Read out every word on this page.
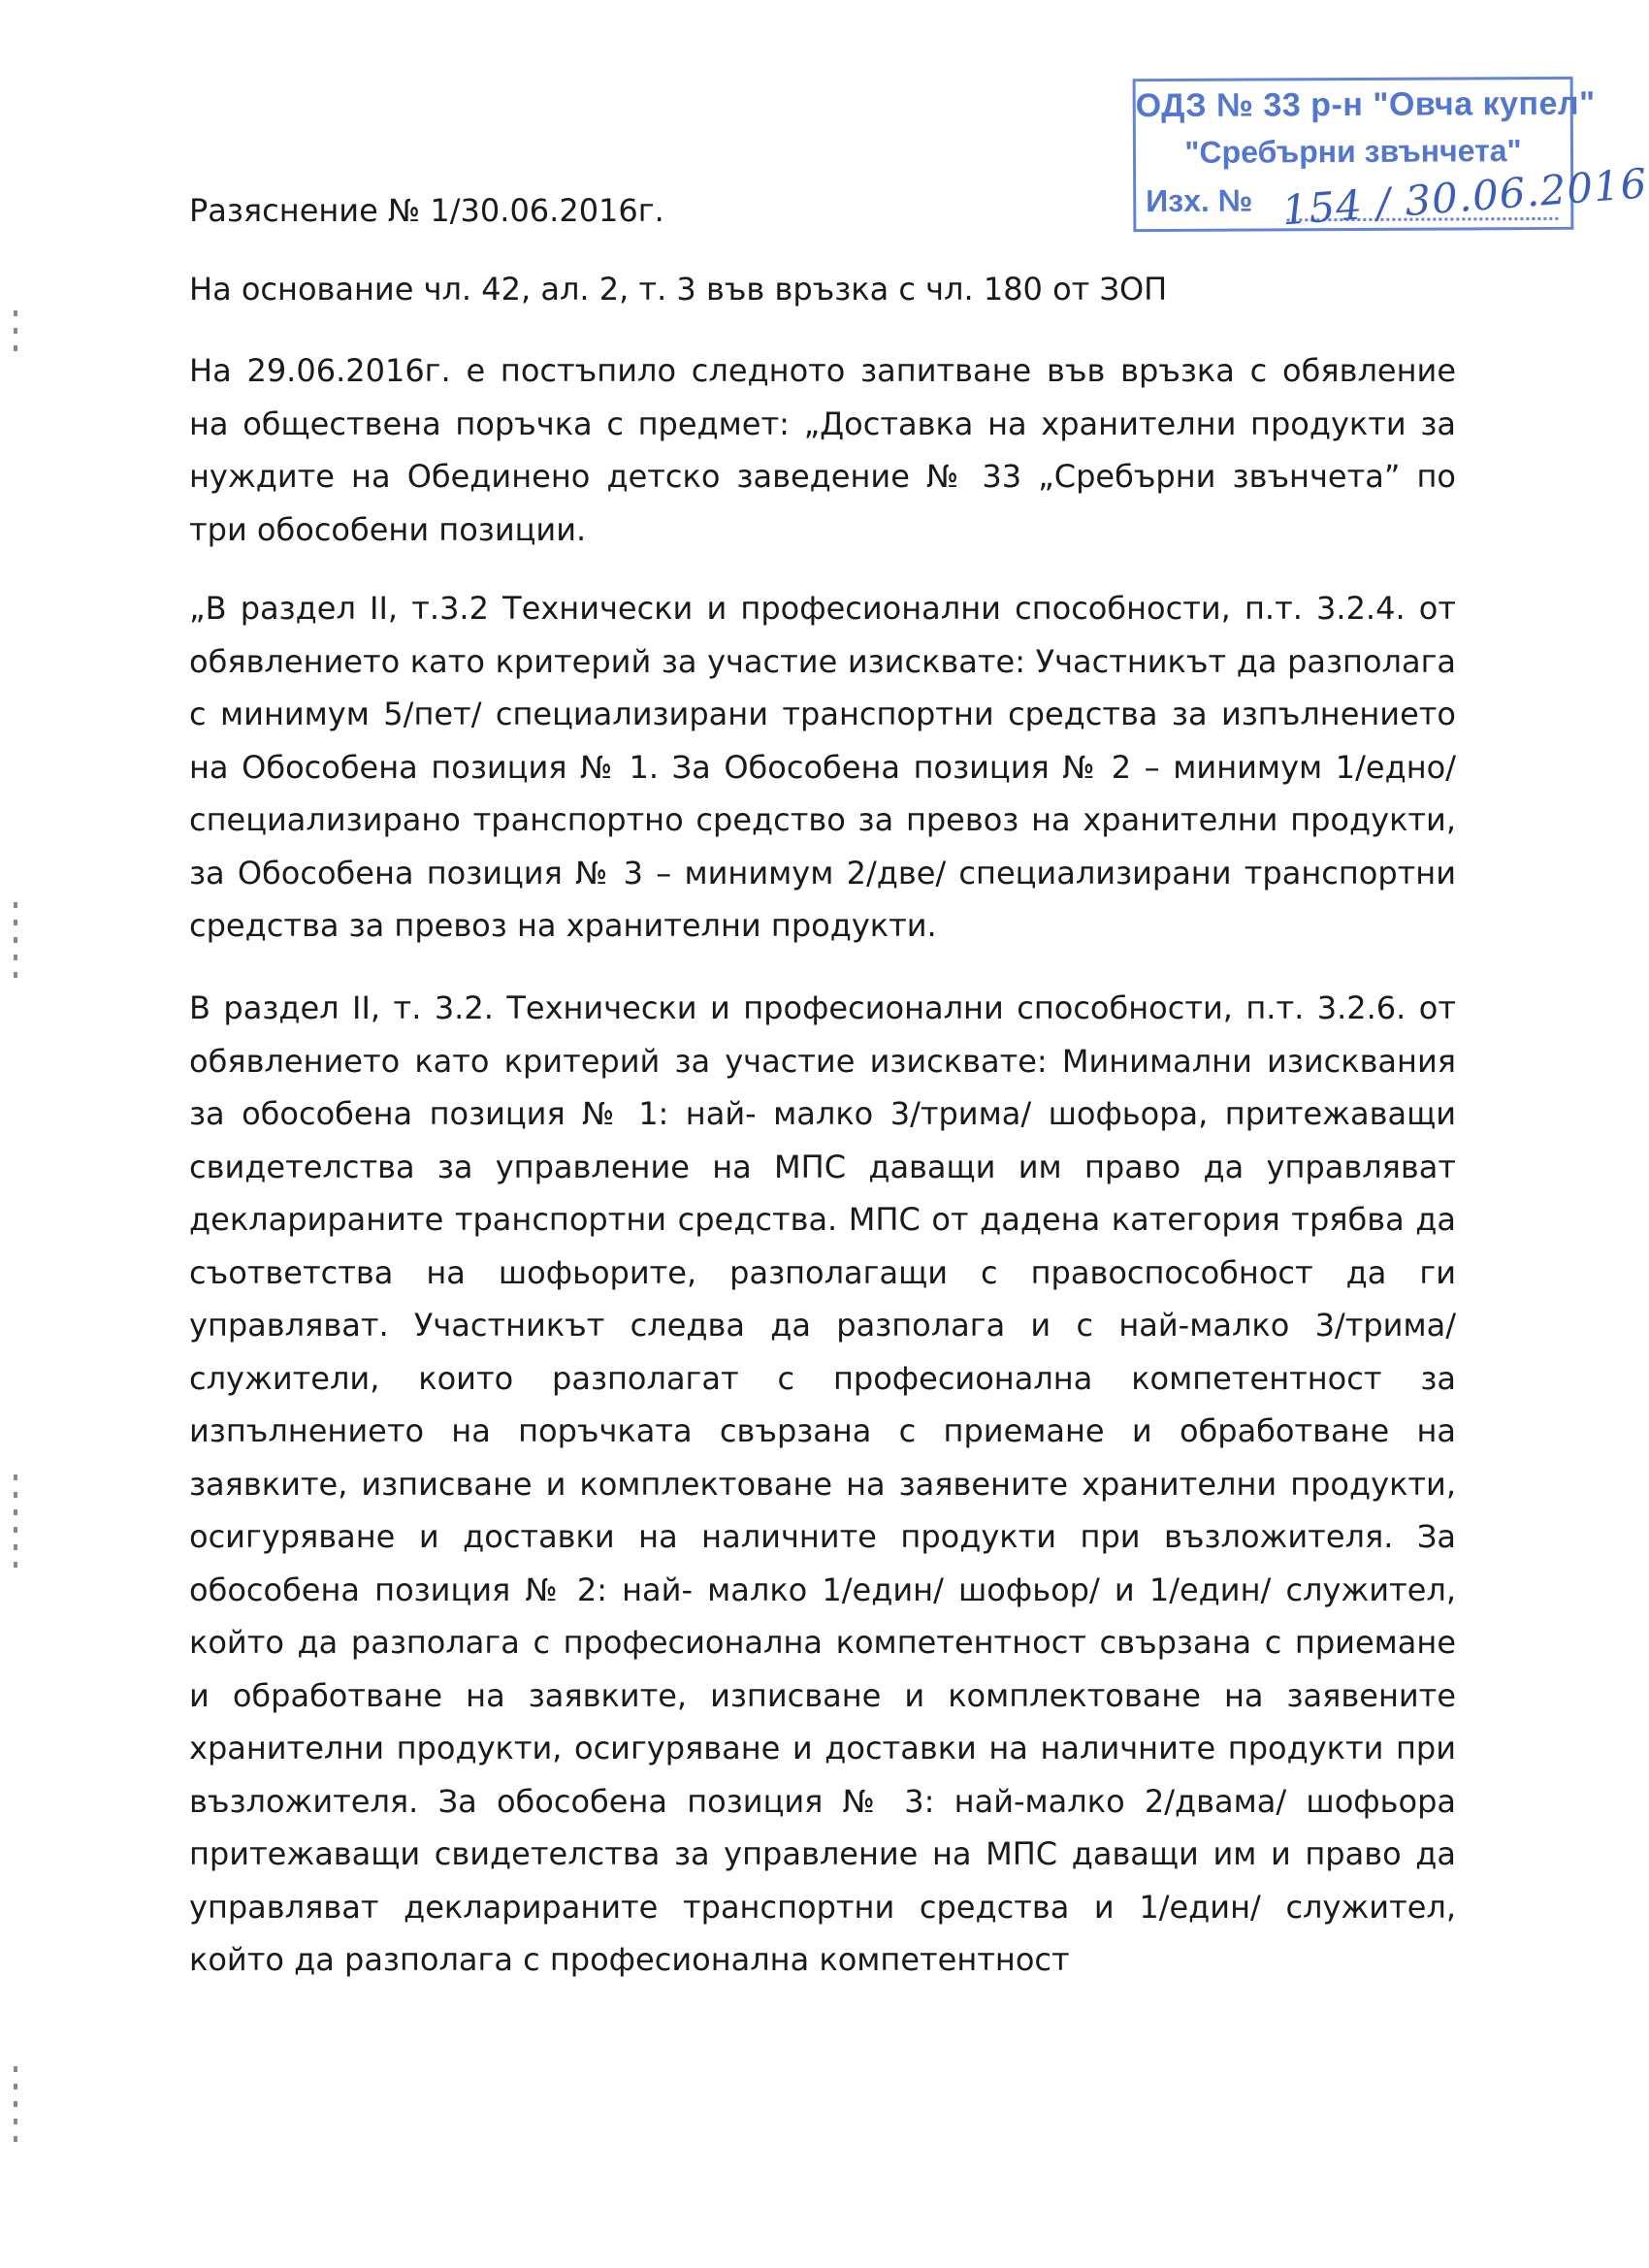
ОДЗ № 33 р-н "Овча купел"
"Сребърни звънчета"
Изх. № 154 / 30.06.2016
Разяснение № 1/30.06.2016г.
На основание чл. 42, ал. 2, т. 3 във връзка с чл. 180 от ЗОП
На 29.06.2016г. е постъпило следното запитване във връзка с обявление на обществена поръчка с предмет: „Доставка на хранителни продукти за нуждите на Обединено детско заведение № 33 „Сребърни звънчета” по три обособени позиции.
„В раздел II, т.3.2 Технически и професионални способности, п.т. 3.2.4. от обявлението като критерий за участие изисквате: Участникът да разполага с минимум 5/пет/ специализирани транспортни средства за изпълнението на Обособена позиция № 1. За Обособена позиция № 2 – минимум 1/едно/ специализирано транспортно средство за превоз на хранителни продукти, за Обособена позиция № 3 – минимум 2/две/ специализирани транспортни средства за превоз на хранителни продукти.
В раздел II, т. 3.2. Технически и професионални способности, п.т. 3.2.6. от обявлението като критерий за участие изисквате: Минимални изисквания за обособена позиция № 1: най- малко 3/трима/ шофьора, притежаващи свидетелства за управление на МПС даващи им право да управляват декларираните транспортни средства. МПС от дадена категория трябва да съответства на шофьорите, разполагащи с правоспособност да ги управляват. Участникът следва да разполага и с най-малко 3/трима/ служители, които разполагат с професионална компетентност за изпълнението на поръчката свързана с приемане и обработване на заявките, изписване и комплектоване на заявените хранителни продукти, осигуряване и доставки на наличните продукти при възложителя. За обособена позиция № 2: най- малко 1/един/ шофьор/ и 1/един/ служител, който да разполага с професионална компетентност свързана с приемане и обработване на заявките, изписване и комплектоване на заявените хранителни продукти, осигуряване и доставки на наличните продукти при възложителя. За обособена позиция № 3: най-малко 2/двама/ шофьора притежаващи свидетелства за управление на МПС даващи им и право да управляват декларираните транспортни средства и 1/един/ служител, който да разполага с професионална компетентност
